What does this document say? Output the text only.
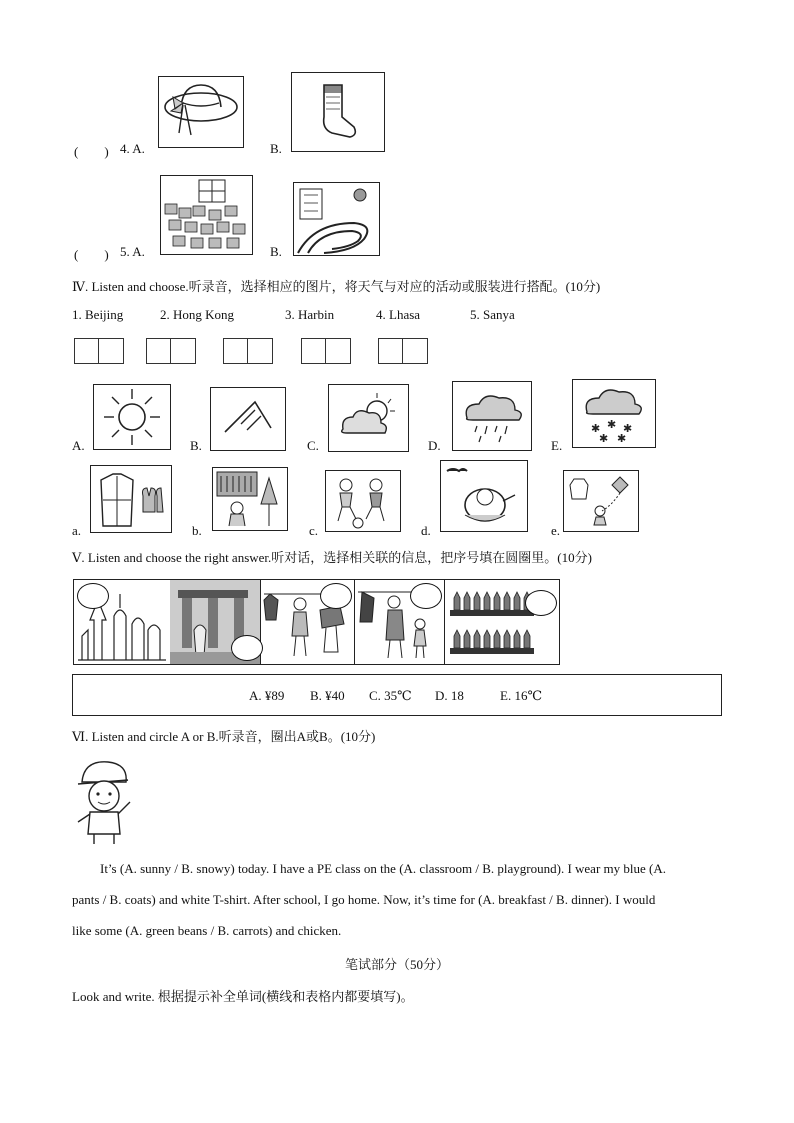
(　　) 4. A.	B.
(　　) 5. A.	B.
Ⅳ. Listen and choose.听录音，选择相应的图片，将天气与对应的活动或服装进行搭配。(10分)
1. Beijing	2. Hong Kong	3. Harbin	4. Lhasa	5. Sanya
A.	B.	C.	D.	E.
✱ ✱ ✱
✱ ✱
a.	b.	c.	d.	e.
Ⅴ. Listen and choose the right answer.听对话，选择相关联的信息，把序号填在圆圈里。(10分)
A. ¥89 B. ¥40 C. 35℃ D. 18	E. 16℃
Ⅵ. Listen and circle A or B.听录音，圈出A或B。(10分)
It’s (A. sunny / B. snowy) today. I have a PE class on the (A. classroom / B. playground). I wear my blue (A.
pants / B. coats) and white T-shirt. After school, I go home. Now, it’s time for (A. breakfast / B. dinner). I would
like some (A. green beans / B. carrots) and chicken.
笔试部分（50分）
Look and write. 根据提示补全单词(横线和表格内都要填写)。
